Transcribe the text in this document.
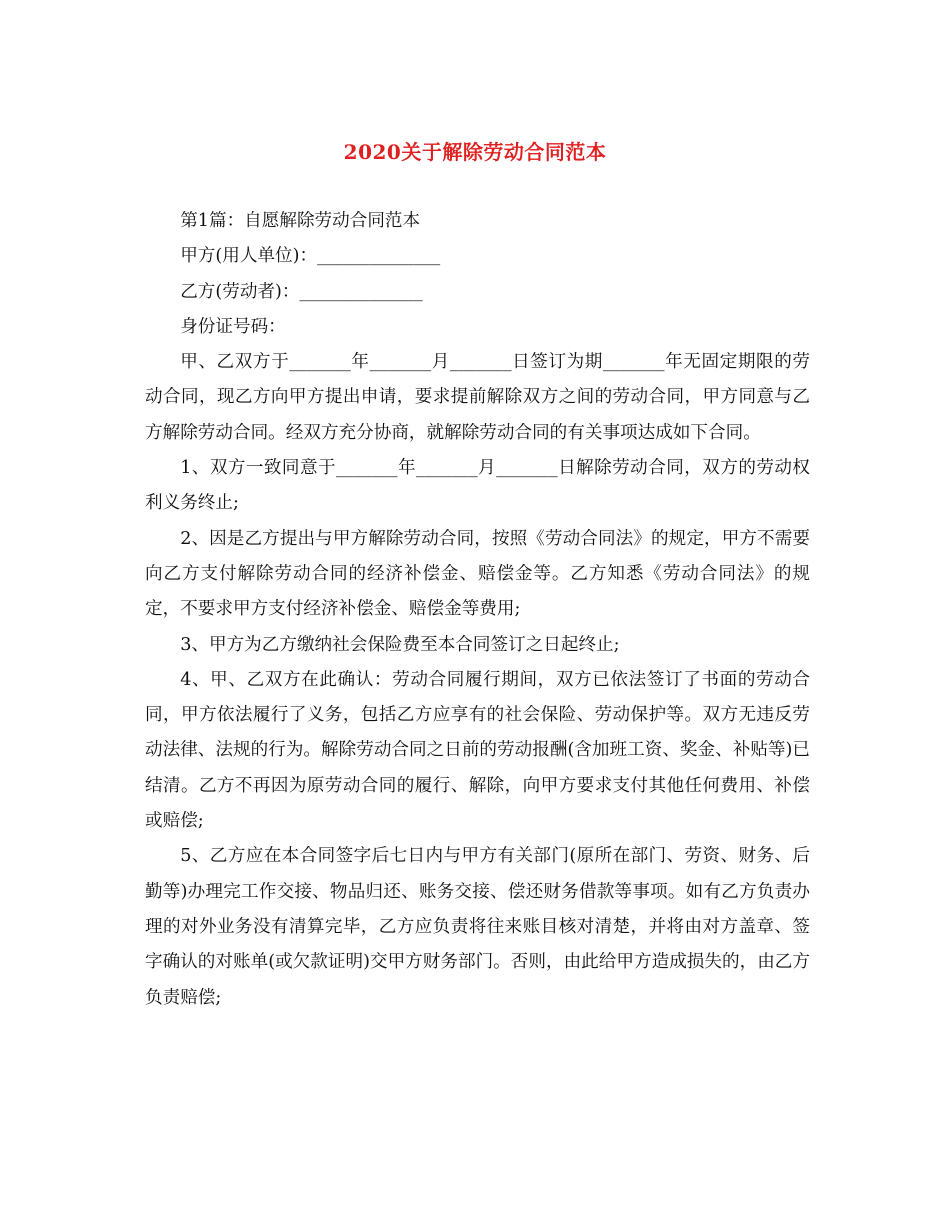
2020关于解除劳动合同范本

第1篇：自愿解除劳动合同范本

甲方(用人单位)：______________

乙方(劳动者)：______________

身份证号码：

甲、乙双方于_______年_______月_______日签订为期_______年无固定期限的劳动合同，现乙方向甲方提出申请，要求提前解除双方之间的劳动合同，甲方同意与乙方解除劳动合同。经双方充分协商，就解除劳动合同的有关事项达成如下合同。

1、双方一致同意于_______年_______月_______日解除劳动合同，双方的劳动权利义务终止;

2、因是乙方提出与甲方解除劳动合同，按照《劳动合同法》的规定，甲方不需要向乙方支付解除劳动合同的经济补偿金、赔偿金等。乙方知悉《劳动合同法》的规定，不要求甲方支付经济补偿金、赔偿金等费用;

3、甲方为乙方缴纳社会保险费至本合同签订之日起终止;

4、甲、乙双方在此确认：劳动合同履行期间，双方已依法签订了书面的劳动合同，甲方依法履行了义务，包括乙方应享有的社会保险、劳动保护等。双方无违反劳动法律、法规的行为。解除劳动合同之日前的劳动报酬(含加班工资、奖金、补贴等)已结清。乙方不再因为原劳动合同的履行、解除，向甲方要求支付其他任何费用、补偿或赔偿;

5、乙方应在本合同签字后七日内与甲方有关部门(原所在部门、劳资、财务、后勤等)办理完工作交接、物品归还、账务交接、偿还财务借款等事项。如有乙方负责办理的对外业务没有清算完毕，乙方应负责将往来账目核对清楚，并将由对方盖章、签字确认的对账单(或欠款证明)交甲方财务部门。否则，由此给甲方造成损失的，由乙方负责赔偿;
